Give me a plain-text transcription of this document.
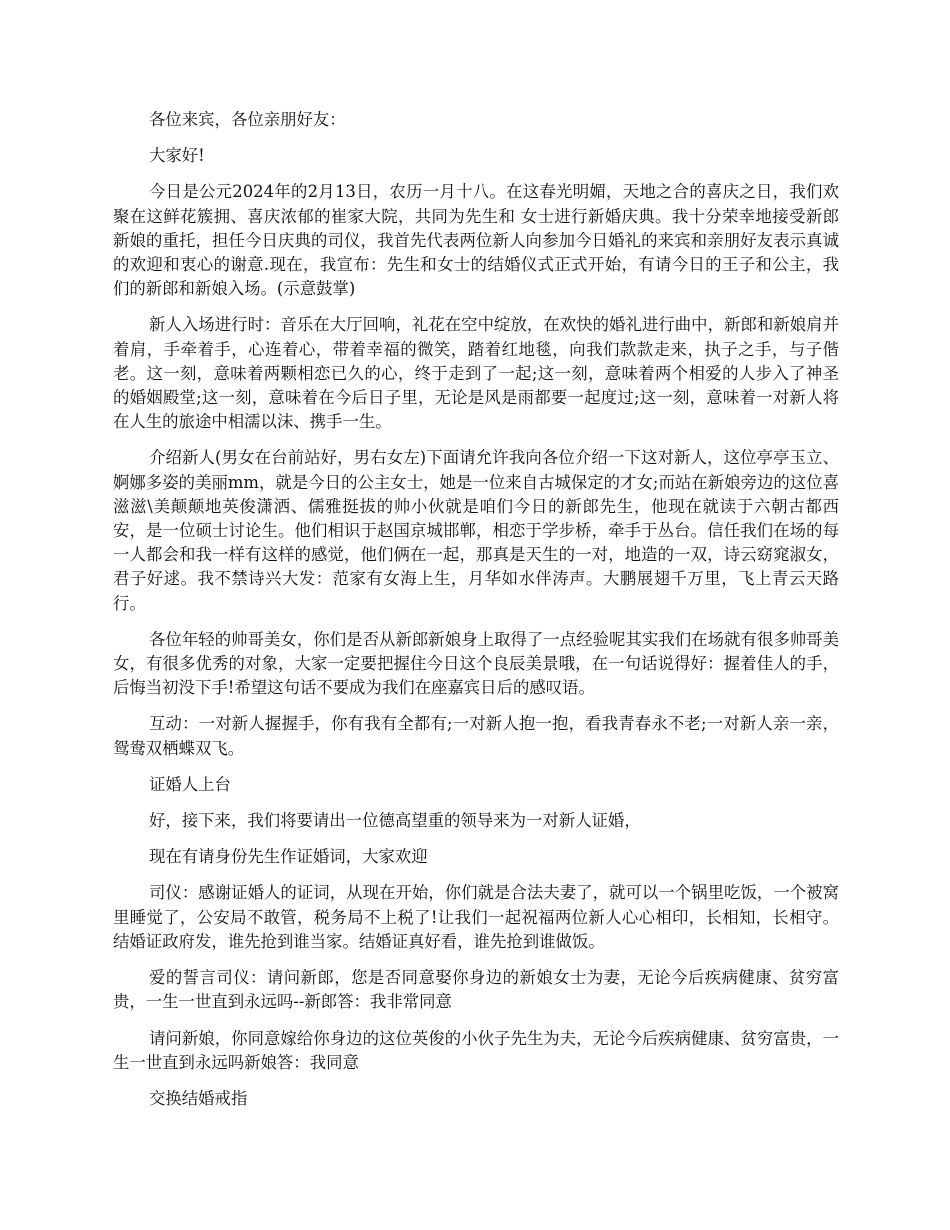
各位来宾，各位亲朋好友：

大家好!

今日是公元2024年的2月13日，农历一月十八。在这春光明媚，天地之合的喜庆之日，我们欢聚在这鲜花簇拥、喜庆浓郁的崔家大院，共同为先生和 女士进行新婚庆典。我十分荣幸地接受新郎新娘的重托，担任今日庆典的司仪，我首先代表两位新人向参加今日婚礼的来宾和亲朋好友表示真诚的欢迎和衷心的谢意.现在，我宣布：先生和女士的结婚仪式正式开始，有请今日的王子和公主，我们的新郎和新娘入场。(示意鼓掌)

新人入场进行时：音乐在大厅回响，礼花在空中绽放，在欢快的婚礼进行曲中，新郎和新娘肩并着肩，手牵着手，心连着心，带着幸福的微笑，踏着红地毯，向我们款款走来，执子之手，与子偕老。这一刻，意味着两颗相恋已久的心，终于走到了一起;这一刻，意味着两个相爱的人步入了神圣的婚姻殿堂;这一刻，意味着在今后日子里，无论是风是雨都要一起度过;这一刻，意味着一对新人将在人生的旅途中相濡以沫、携手一生。

介绍新人(男女在台前站好，男右女左)下面请允许我向各位介绍一下这对新人，这位亭亭玉立、婀娜多姿的美丽mm，就是今日的公主女士，她是一位来自古城保定的才女;而站在新娘旁边的这位喜滋滋\美颠颠地英俊潇洒、儒雅挺拔的帅小伙就是咱们今日的新郎先生，他现在就读于六朝古都西安，是一位硕士讨论生。他们相识于赵国京城邯郸，相恋于学步桥，牵手于丛台。信任我们在场的每一人都会和我一样有这样的感觉，他们俩在一起，那真是天生的一对，地造的一双，诗云窈窕淑女，君子好逑。我不禁诗兴大发：范家有女海上生，月华如水伴涛声。大鹏展翅千万里，飞上青云天路行。

各位年轻的帅哥美女，你们是否从新郎新娘身上取得了一点经验呢其实我们在场就有很多帅哥美女，有很多优秀的对象，大家一定要把握住今日这个良辰美景哦，在一句话说得好：握着佳人的手，后悔当初没下手!希望这句话不要成为我们在座嘉宾日后的感叹语。

互动：一对新人握握手，你有我有全都有;一对新人抱一抱，看我青春永不老;一对新人亲一亲，鸳鸯双栖蝶双飞。

证婚人上台

好，接下来，我们将要请出一位德高望重的领导来为一对新人证婚，

现在有请身份先生作证婚词，大家欢迎

司仪：感谢证婚人的证词，从现在开始，你们就是合法夫妻了，就可以一个锅里吃饭，一个被窝里睡觉了，公安局不敢管，税务局不上税了!让我们一起祝福两位新人心心相印，长相知，长相守。结婚证政府发，谁先抢到谁当家。结婚证真好看，谁先抢到谁做饭。

爱的誓言司仪：请问新郎，您是否同意娶你身边的新娘女士为妻，无论今后疾病健康、贫穷富贵，一生一世直到永远吗--新郎答：我非常同意

请问新娘，你同意嫁给你身边的这位英俊的小伙子先生为夫，无论今后疾病健康、贫穷富贵，一生一世直到永远吗新娘答：我同意

交换结婚戒指
